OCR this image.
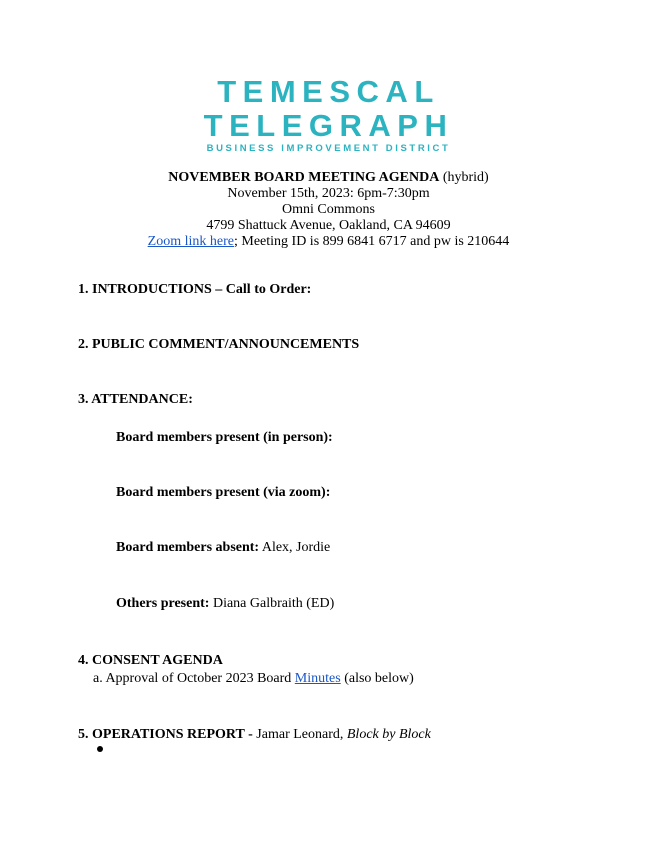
TEMESCAL
TELEGRAPH
BUSINESS IMPROVEMENT DISTRICT
NOVEMBER BOARD MEETING AGENDA (hybrid)
November 15th, 2023: 6pm-7:30pm
Omni Commons
4799 Shattuck Avenue, Oakland, CA 94609
Zoom link here; Meeting ID is 899 6841 6717 and pw is 210644
1. INTRODUCTIONS – Call to Order:
2. PUBLIC COMMENT/ANNOUNCEMENTS
3. ATTENDANCE:
Board members present (in person):
Board members present (via zoom):
Board members absent: Alex, Jordie
Others present: Diana Galbraith (ED)
4. CONSENT AGENDA
a. Approval of October 2023 Board Minutes (also below)
5. OPERATIONS REPORT - Jamar Leonard, Block by Block
